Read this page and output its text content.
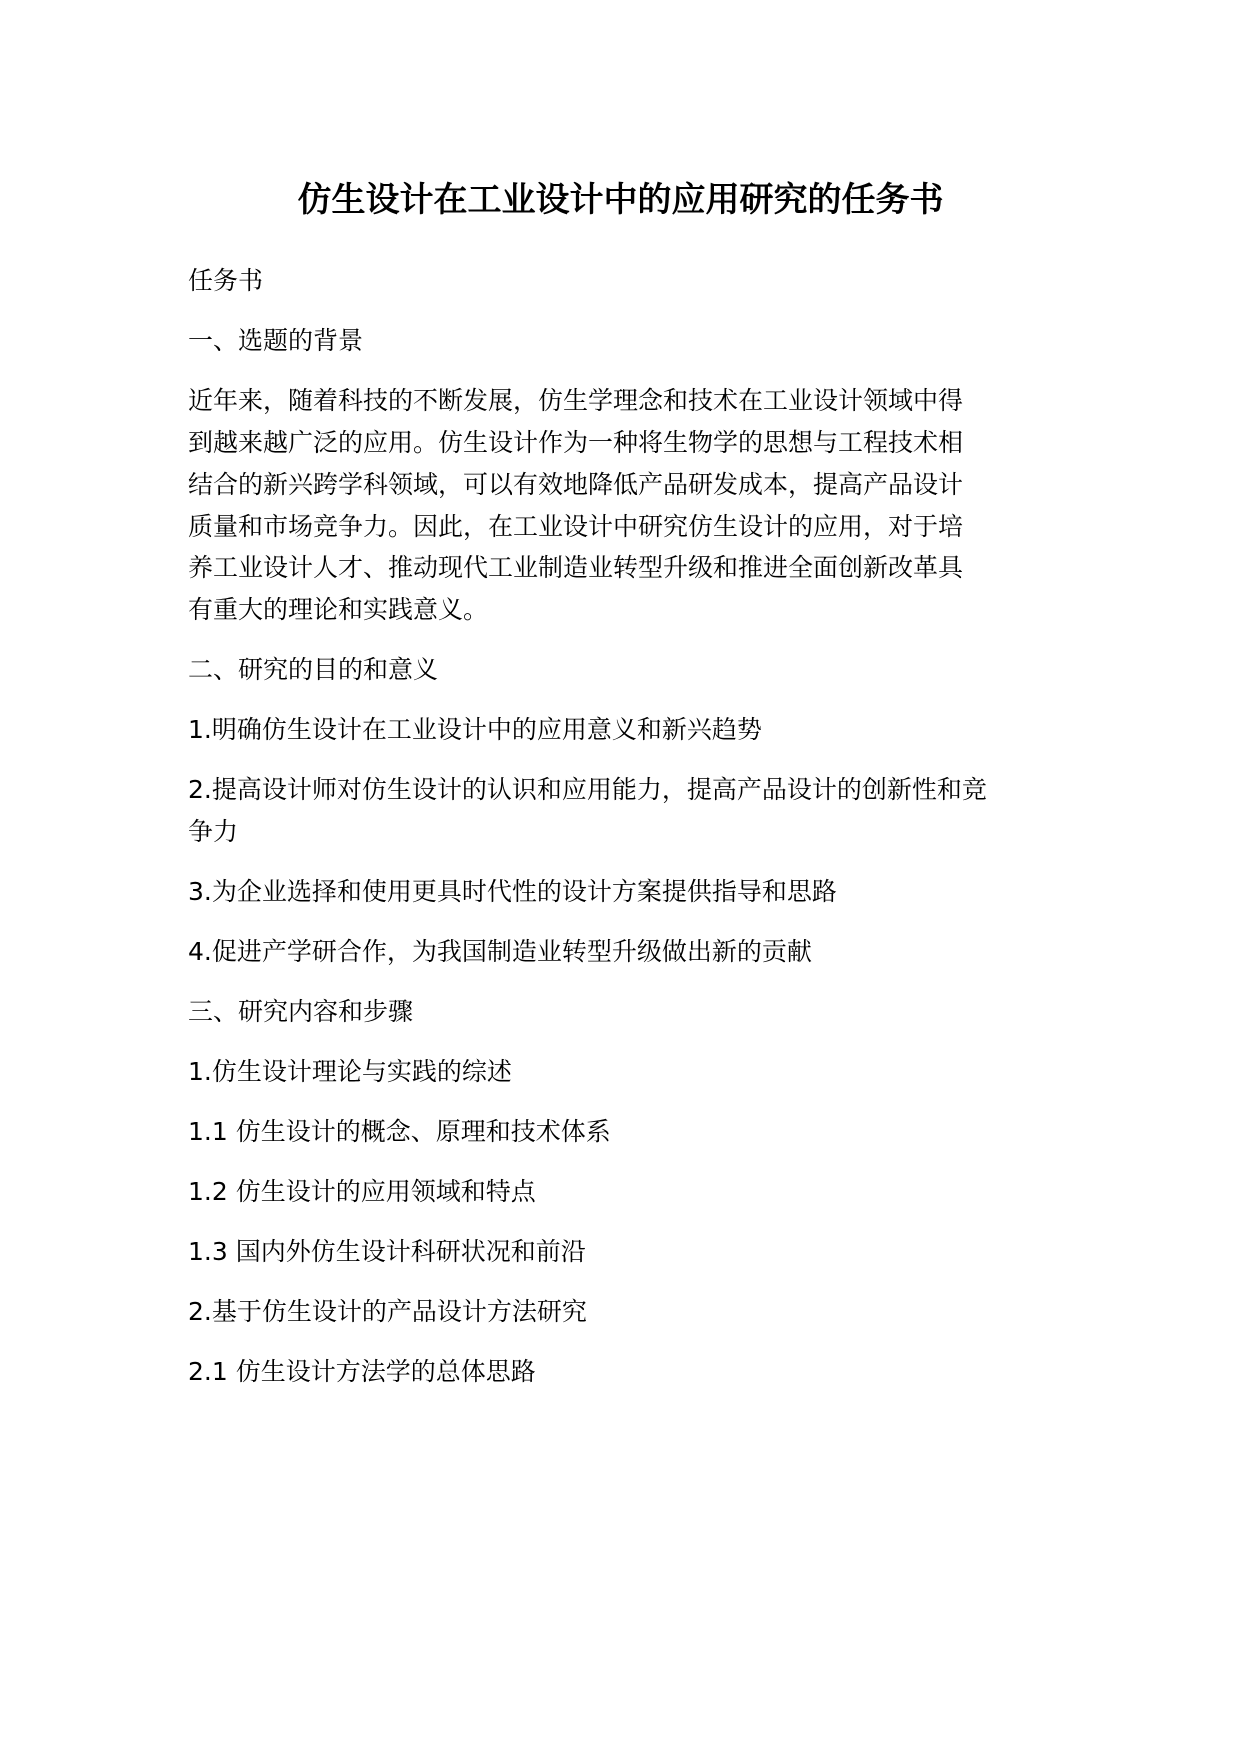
仿生设计在工业设计中的应用研究的任务书
任务书
一、选题的背景
近年来，随着科技的不断发展，仿生学理念和技术在工业设计领域中得
到越来越广泛的应用。仿生设计作为一种将生物学的思想与工程技术相
结合的新兴跨学科领域，可以有效地降低产品研发成本，提高产品设计
质量和市场竞争力。因此，在工业设计中研究仿生设计的应用，对于培
养工业设计人才、推动现代工业制造业转型升级和推进全面创新改革具
有重大的理论和实践意义。
二、研究的目的和意义
1.明确仿生设计在工业设计中的应用意义和新兴趋势
2.提高设计师对仿生设计的认识和应用能力，提高产品设计的创新性和竞
争力
3.为企业选择和使用更具时代性的设计方案提供指导和思路
4.促进产学研合作，为我国制造业转型升级做出新的贡献
三、研究内容和步骤
1.仿生设计理论与实践的综述
1.1 仿生设计的概念、原理和技术体系
1.2 仿生设计的应用领域和特点
1.3 国内外仿生设计科研状况和前沿
2.基于仿生设计的产品设计方法研究
2.1 仿生设计方法学的总体思路
